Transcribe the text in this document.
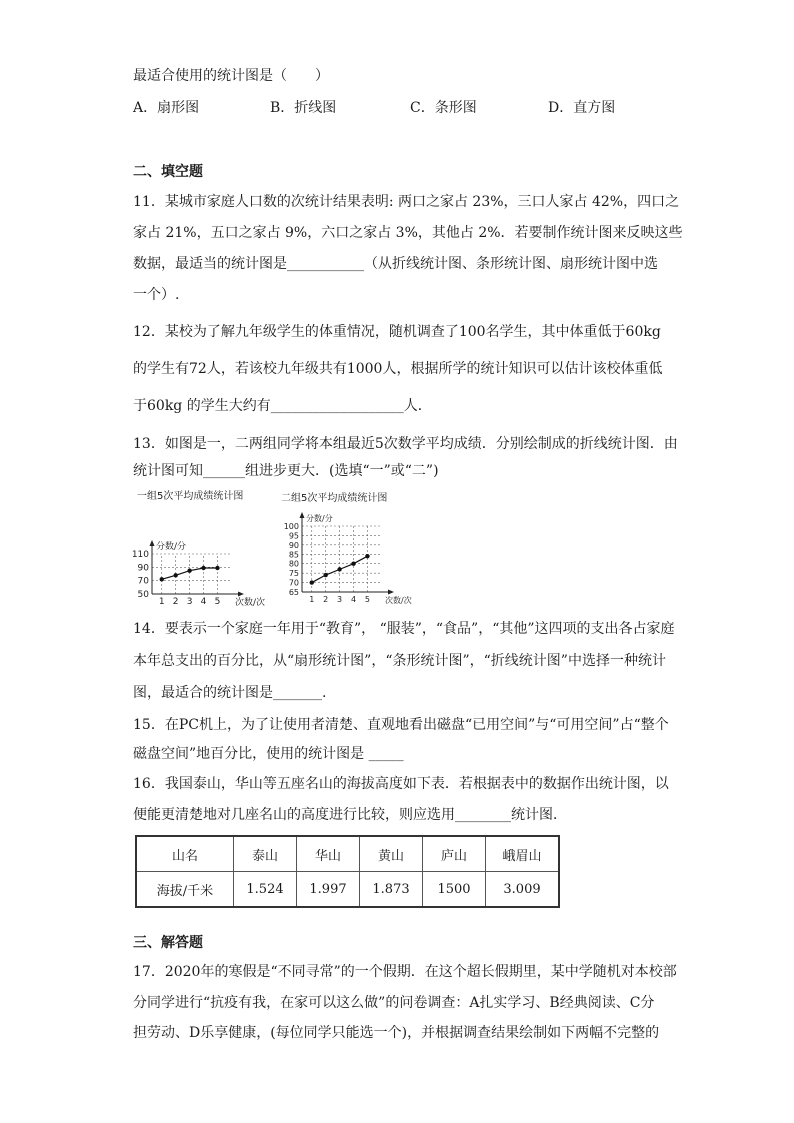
最适合使用的统计图是（　　）
A．扇形图	B．折线图	C．条形图	D．直方图
二、填空题
11．某城市家庭人口数的次统计结果表明: 两口之家占 23%，三口人家占 42%，四口之
家占 21%，五口之家占 9%，六口之家占 3%，其他占 2%．若要制作统计图来反映这些
数据，最适当的统计图是___________（从折线统计图、条形统计图、扇形统计图中选
一个）.
12．某校为了解九年级学生的体重情况，随机调查了100名学生，其中体重低于60kg
的学生有72人，若该校九年级共有1000人，根据所学的统计知识可以估计该校体重低
于60kg 的学生大约有___________________人．
13．如图是一，二两组同学将本组最近5次数学平均成绩．分别绘制成的折线统计图．由
统计图可知______组进步更大．(选填“一”或“二”)
一组5次平均成绩统计图	二组5次平均成绩统计图
50
70
90
110
1 2 3 4 5
分数/分
次数/次
65
70
75
80
85
90
95
100
1 2 3 4 5
分数/分
次数/次
14．要表示一个家庭一年用于“教育”， “服装”，“食品”，“其他”这四项的支出各占家庭
本年总支出的百分比，从“扇形统计图”，“条形统计图”，“折线统计图”中选择一种统计
图，最适合的统计图是_______.
15．在PC机上，为了让使用者清楚、直观地看出磁盘“已用空间”与“可用空间”占“整个
磁盘空间”地百分比，使用的统计图是 _____
16．我国泰山，华山等五座名山的海拔高度如下表．若根据表中的数据作出统计图，以
便能更清楚地对几座名山的高度进行比较，则应选用________统计图．
山名	泰山	华山	黄山	庐山	峨眉山
海拔/千米	1.524	1.997	1.873	1500	3.009
三、解答题
17．2020年的寒假是“不同寻常”的一个假期．在这个超长假期里，某中学随机对本校部
分同学进行“抗疫有我，在家可以这么做”的问卷调查：A扎实学习、B经典阅读、C分
担劳动、D乐享健康，(每位同学只能选一个)，并根据调查结果绘制如下两幅不完整的
